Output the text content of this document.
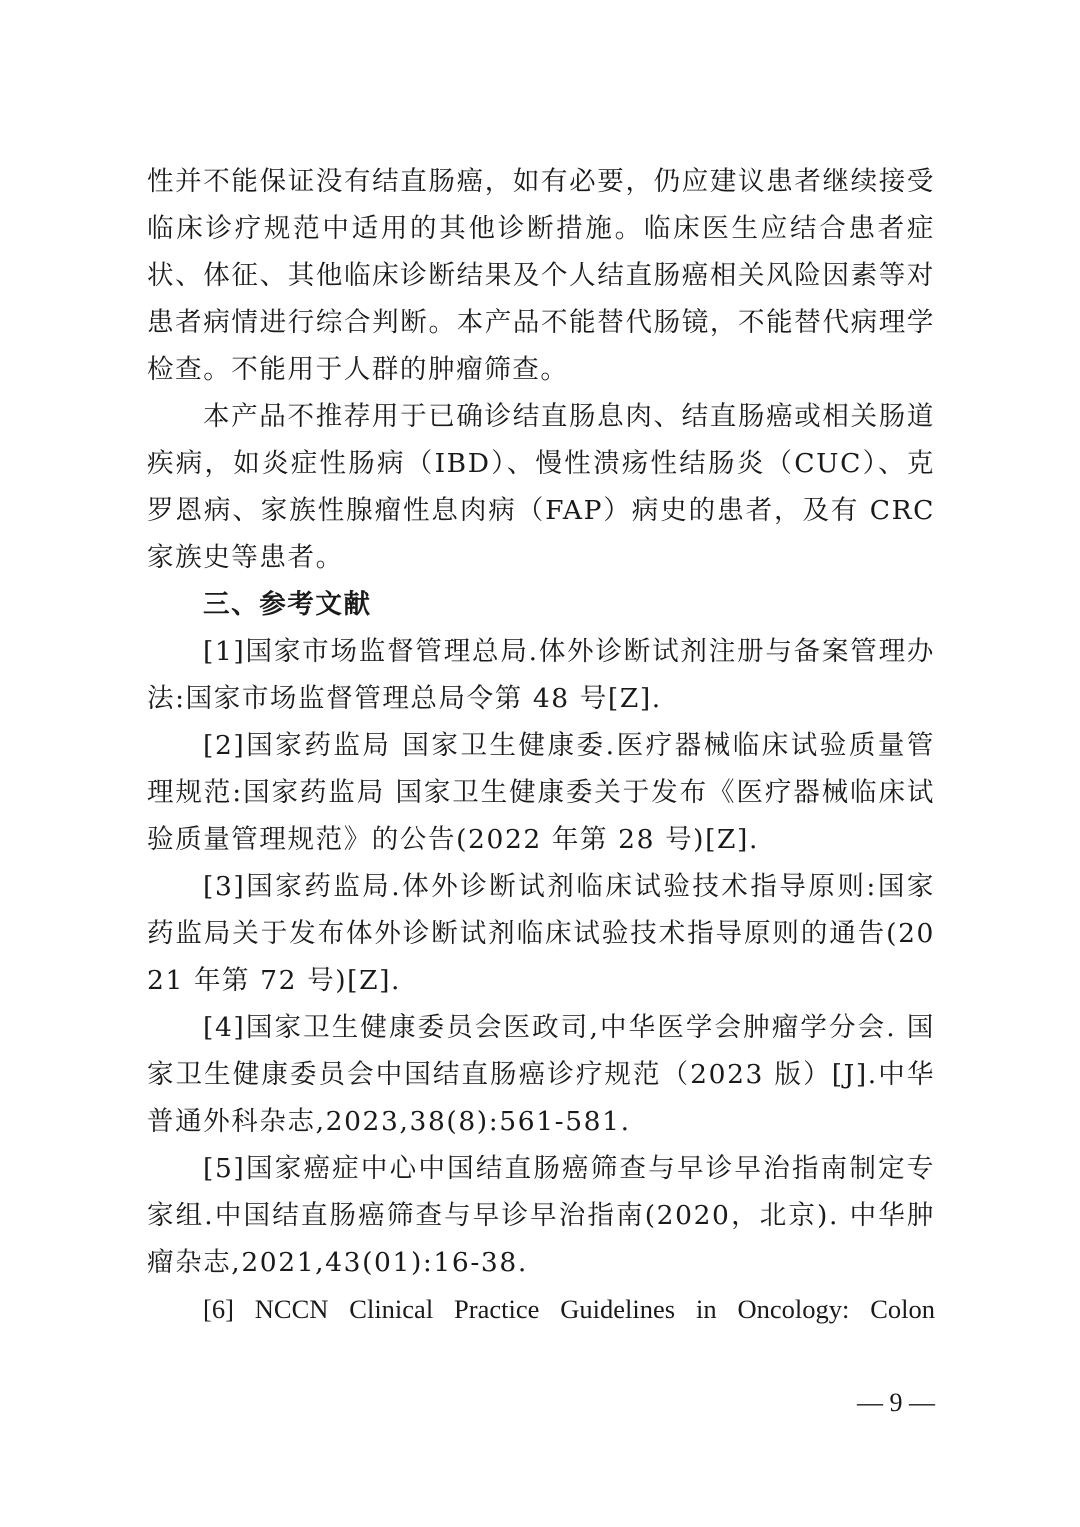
性并不能保证没有结直肠癌，如有必要，仍应建议患者继续接受临床诊疗规范中适用的其他诊断措施。临床医生应结合患者症状、体征、其他临床诊断结果及个人结直肠癌相关风险因素等对患者病情进行综合判断。本产品不能替代肠镜，不能替代病理学检查。不能用于人群的肿瘤筛查。

本产品不推荐用于已确诊结直肠息肉、结直肠癌或相关肠道疾病，如炎症性肠病（IBD）、慢性溃疡性结肠炎（CUC）、克罗恩病、家族性腺瘤性息肉病（FAP）病史的患者，及有 CRC 家族史等患者。

三、参考文献

[1]国家市场监督管理总局.体外诊断试剂注册与备案管理办法:国家市场监督管理总局令第 48 号[Z].

[2]国家药监局 国家卫生健康委.医疗器械临床试验质量管理规范:国家药监局 国家卫生健康委关于发布《医疗器械临床试验质量管理规范》的公告(2022 年第 28 号)[Z].

[3]国家药监局.体外诊断试剂临床试验技术指导原则:国家药监局关于发布体外诊断试剂临床试验技术指导原则的通告(2021 年第 72 号)[Z].

[4]国家卫生健康委员会医政司,中华医学会肿瘤学分会. 国家卫生健康委员会中国结直肠癌诊疗规范（2023 版）[J].中华普通外科杂志,2023,38(8):561-581.

[5]国家癌症中心中国结直肠癌筛查与早诊早治指南制定专家组.中国结直肠癌筛查与早诊早治指南(2020，北京). 中华肿瘤杂志,2021,43(01):16-38.

[6] NCCN Clinical Practice Guidelines in Oncology: Colon

— 9 —
